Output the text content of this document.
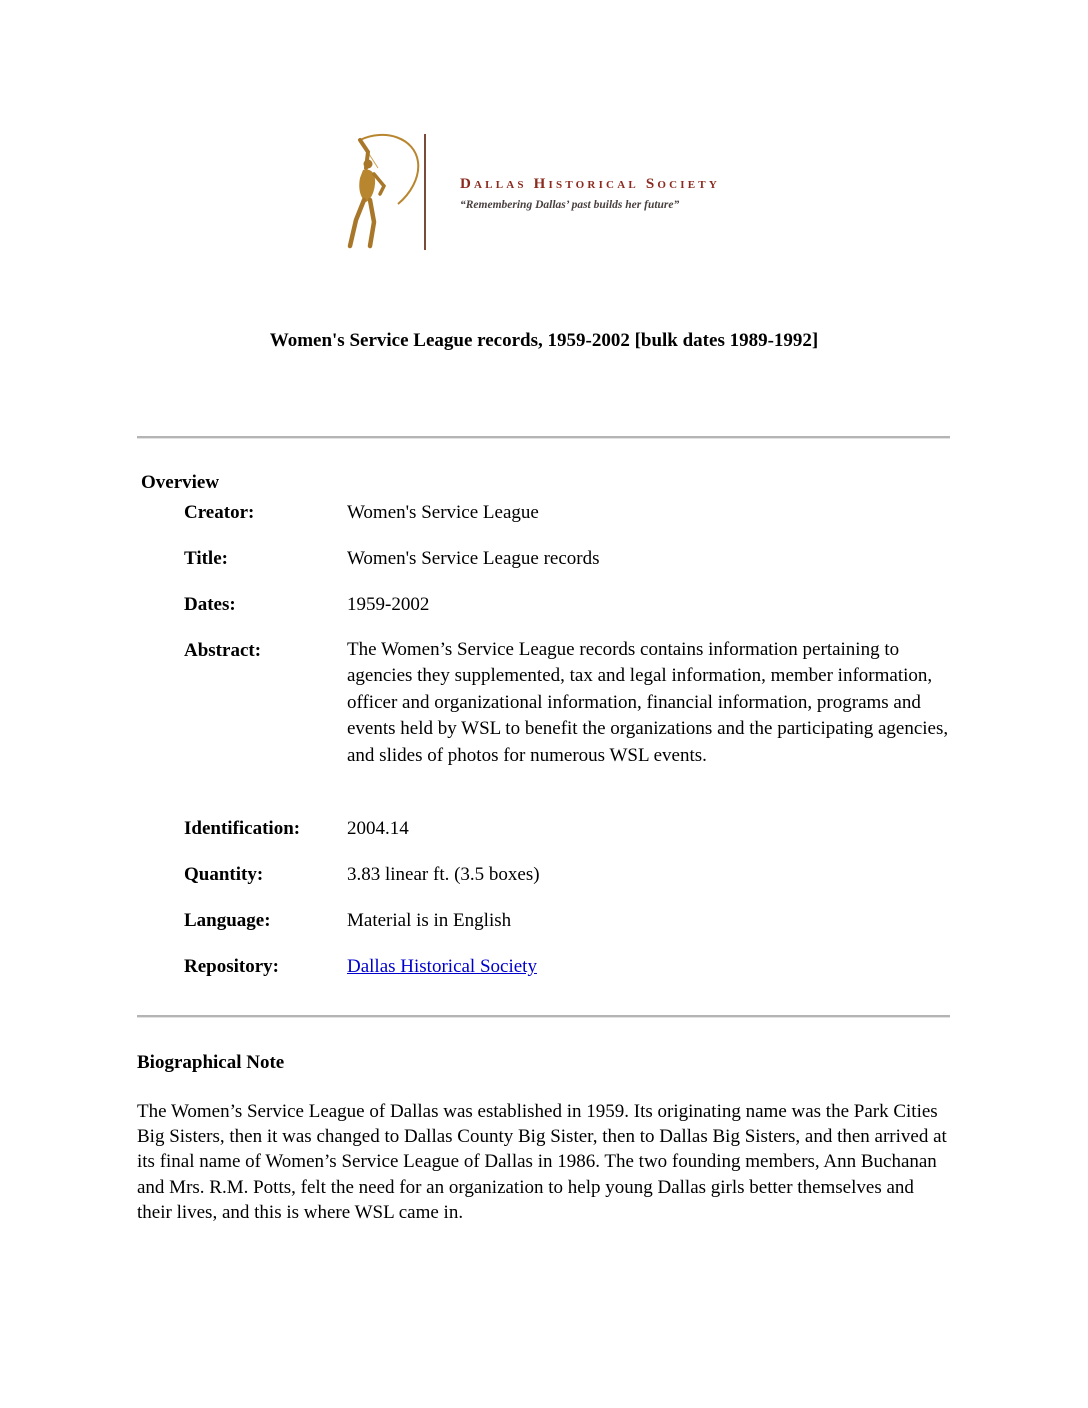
Dallas Historical Society
“Remembering Dallas’ past builds her future”
Women's Service League records, 1959-2002 [bulk dates 1989-1992]
Overview
Creator:	Women's Service League
Title:	Women's Service League records
Dates:	1959-2002
Abstract:	The Women’s Service League records contains information pertaining to agencies they supplemented, tax and legal information, member information, officer and organizational information, financial information, programs and events held by WSL to benefit the organizations and the participating agencies, and slides of photos for numerous WSL events.
Identification: 2004.14
Quantity:	3.83 linear ft. (3.5 boxes)
Language:	Material is in English
Repository:	Dallas Historical Society
Biographical Note
The Women’s Service League of Dallas was established in 1959. Its originating name was the Park Cities Big Sisters, then it was changed to Dallas County Big Sister, then to Dallas Big Sisters, and then arrived at its final name of Women’s Service League of Dallas in 1986. The two founding members, Ann Buchanan and Mrs. R.M. Potts, felt the need for an organization to help young Dallas girls better themselves and their lives, and this is where WSL came in.
